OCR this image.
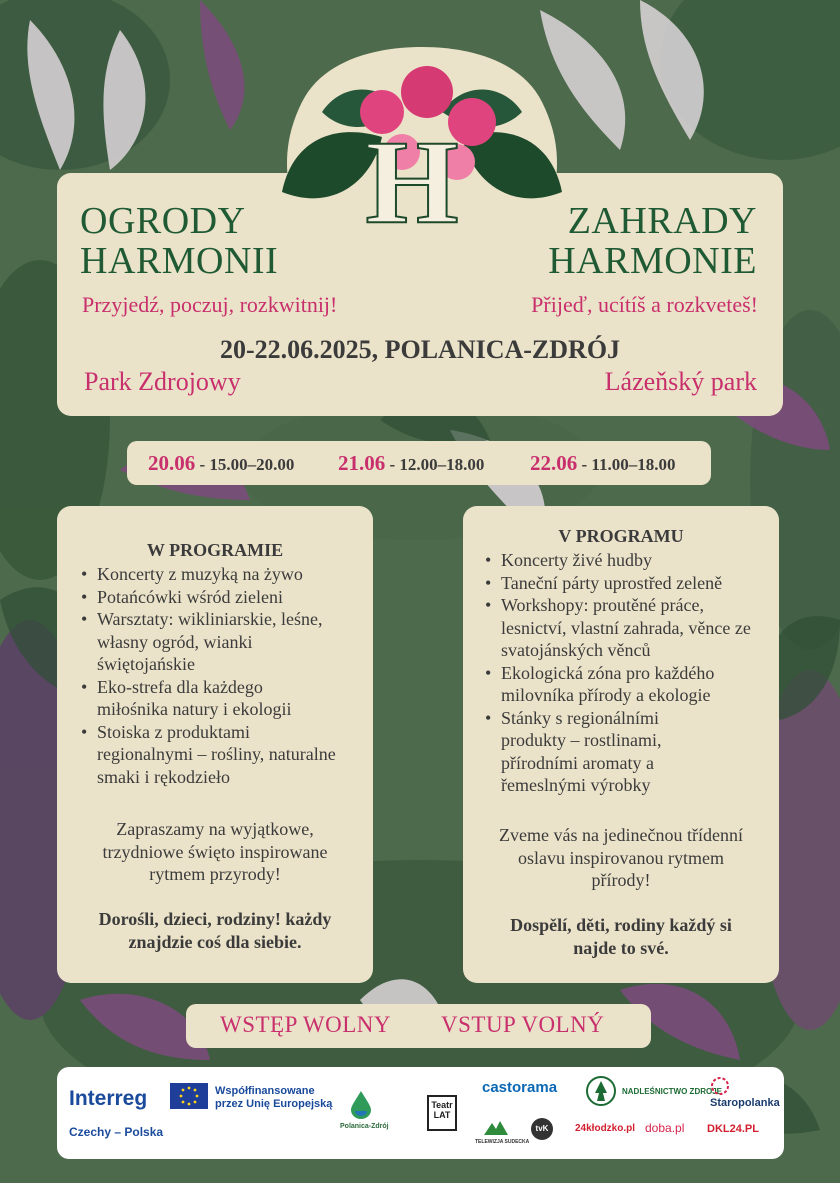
H
OGRODY
HARMONII
ZAHRADY
HARMONIE
Przyjedź, poczuj, rozkwitnij!	Přijeď, ucítíš a rozkveteš!
20-22.06.2025, POLANICA-ZDRÓJ
Park Zdrojowy	Lázeňský park
20.06 - 15.00–20.00 21.06 - 12.00–18.00 22.06 - 11.00–18.00
W PROGRAMIE
• Koncerty z muzyką na żywo
• Potańcówki wśród zieleni
• Warsztaty: wikliniarskie, leśne, własny ogród, wianki świętojańskie
• Eko-strefa dla każdego miłośnika natury i ekologii
• Stoiska z produktami regionalnymi – rośliny, naturalne smaki i rękodzieło
Zapraszamy na wyjątkowe, trzydniowe święto inspirowane rytmem przyrody!
Dorośli, dzieci, rodziny! każdy znajdzie coś dla siebie.
V PROGRAMU
• Koncerty živé hudby
• Taneční párty uprostřed zeleně
• Workshopy: proutěné práce, lesnictví, vlastní zahrada, věnce ze svatojánských věnců
• Ekologická zóna pro každého milovníka přírody a ekologie
• Stánky s regionálními produkty – rostlinami, přírodními aromaty a řemeslnými výrobky
Zveme vás na jedinečnou třídenní oslavu inspirovanou rytmem přírody!
Dospělí, děti, rodiny každý si najde to své.
WSTĘP WOLNY VSTUP VOLNÝ
Interreg
Czechy – Polska
Współfinansowane
przez Unię Europejską
Polanica-Zdrój
Teatr
LAT
castorama	NADLEŚNICTWO ZDROJE
Staropolanka
TELEWIZJA SUDECKA
tvK	24kłodzko.pl doba.pl DKL24.PL
